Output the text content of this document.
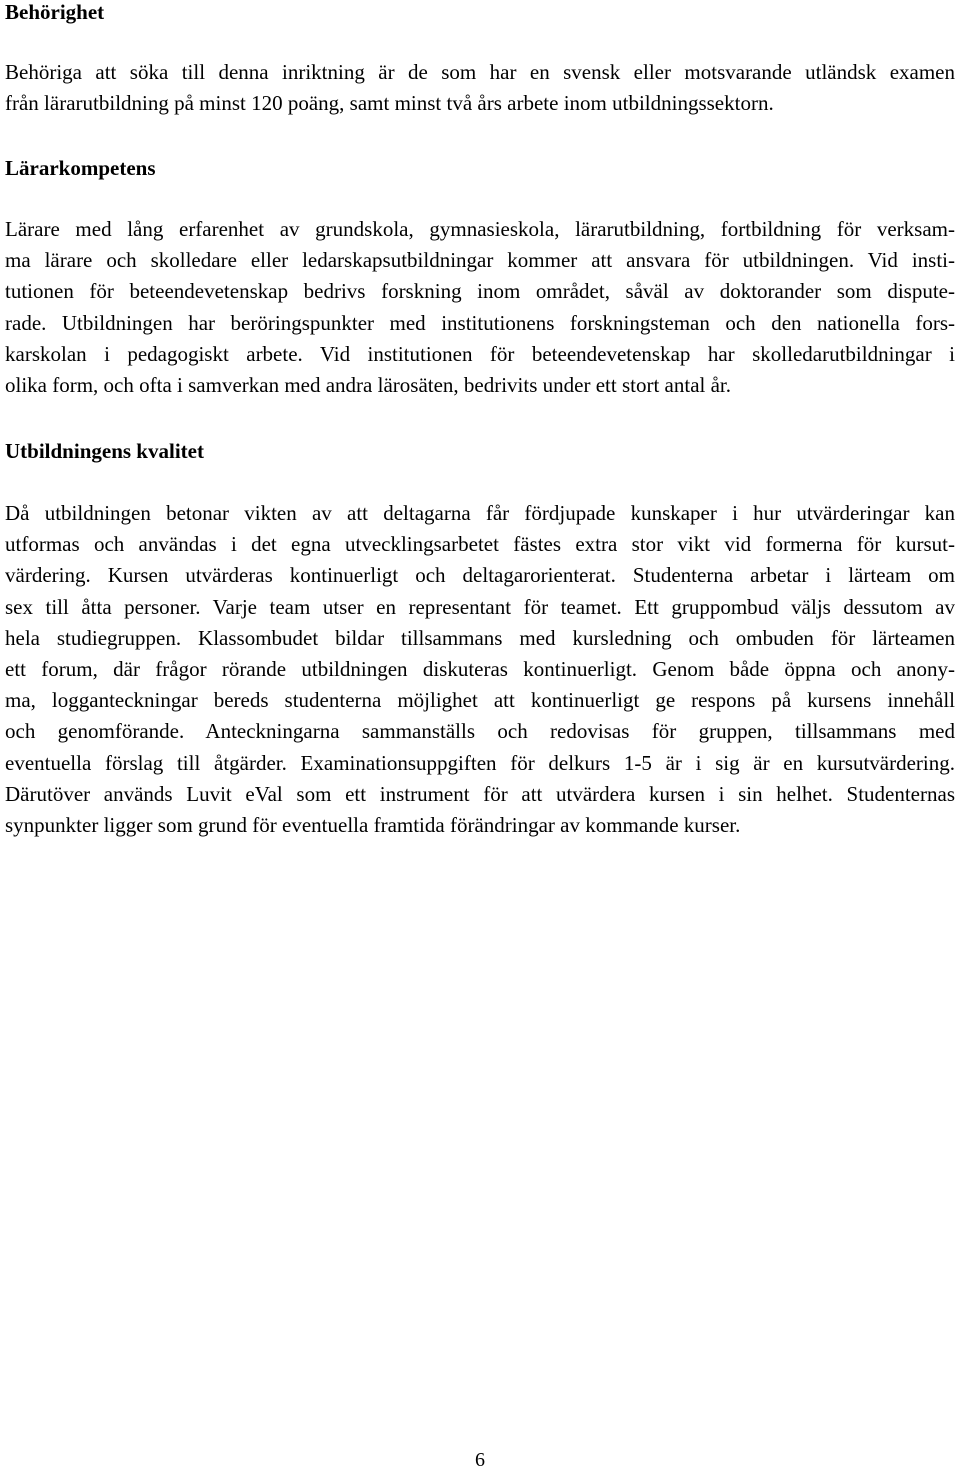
Behörighet
Behöriga att söka till denna inriktning är de som har en svensk eller motsvarande utländsk examen
från lärarutbildning på minst 120 poäng, samt minst två års arbete inom utbildningssektorn.
Lärarkompetens
Lärare med lång erfarenhet av grundskola, gymnasieskola, lärarutbildning, fortbildning för verksam-
ma lärare och skolledare eller ledarskapsutbildningar kommer att ansvara för utbildningen. Vid insti-
tutionen för beteendevetenskap bedrivs forskning inom området, såväl av doktorander som dispute-
rade. Utbildningen har beröringspunkter med institutionens forskningsteman och den nationella fors-
karskolan i pedagogiskt arbete. Vid institutionen för beteendevetenskap har skolledarutbildningar i
olika form, och ofta i samverkan med andra lärosäten, bedrivits under ett stort antal år.
Utbildningens kvalitet
Då utbildningen betonar vikten av att deltagarna får fördjupade kunskaper i hur utvärderingar kan
utformas och användas i det egna utvecklingsarbetet fästes extra stor vikt vid formerna för kursut-
värdering. Kursen utvärderas kontinuerligt och deltagarorienterat. Studenterna arbetar i lärteam om
sex till åtta personer. Varje team utser en representant för teamet. Ett gruppombud väljs dessutom av
hela studiegruppen. Klassombudet bildar tillsammans med kursledning och ombuden för lärteamen
ett forum, där frågor rörande utbildningen diskuteras kontinuerligt. Genom både öppna och anony-
ma, logganteckningar bereds studenterna möjlighet att kontinuerligt ge respons på kursens innehåll
och genomförande. Anteckningarna sammanställs och redovisas för gruppen, tillsammans med
eventuella förslag till åtgärder. Examinationsuppgiften för delkurs 1-5 är i sig är en kursutvärdering.
Därutöver används Luvit eVal som ett instrument för att utvärdera kursen i sin helhet. Studenternas
synpunkter ligger som grund för eventuella framtida förändringar av kommande kurser.
6
